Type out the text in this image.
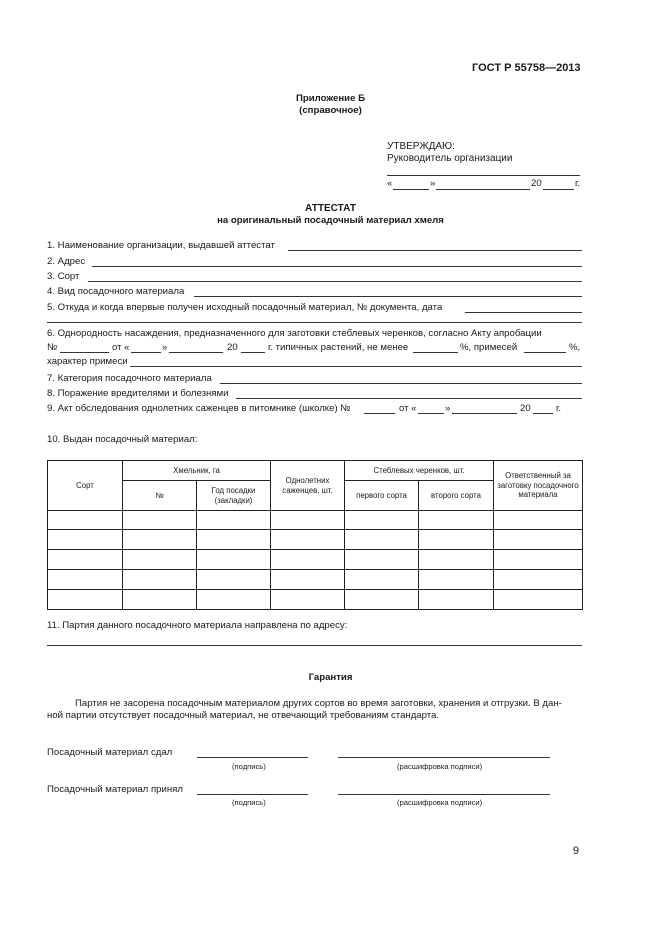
ГОСТ Р 55758—2013
Приложение Б
(справочное)
УТВЕРЖДАЮ:
Руководитель организации
«	»	20	г.
АТТЕСТАТ
на оригинальный посадочный материал хмеля
1. Наименование организации, выдавшей аттестат
2. Адрес
3. Сорт
4. Вид посадочного материала
5. Откуда и когда впервые получен исходный посадочный материал, № документа, дата
6. Однородность насаждения, предназначенного для заготовки стеблевых черенков, согласно Акту апробации
№	от «	»	20	г. типичных растений, не менее	%, примесей	%,
характер примеси
7. Категория посадочного материала
8. Поражение вредителями и болезнями
9. Акт обследования однолетних саженцев в питомнике (школке) №	от «	»	20	г.
10. Выдан посадочный материал:
Сорт	Хмельник, га		Однолетних саженцев, шт.	Стеблевых черенков, шт.		Ответственный за заготовку посадочного материала
	№	Год посадки (закладки)		первого сорта	второго сорта	

11. Партия данного посадочного материала направлена по адресу:
Гарантия
Партия не засорена посадочным материалом других сортов во время заготовки, хранения и отгрузки. В дан-
ной партии отсутствует посадочный материал, не отвечающий требованиям стандарта.
Посадочный материал сдал
(подпись)	(расшифровка подписи)
Посадочный материал принял
(подпись)	(расшифровка подписи)
9
